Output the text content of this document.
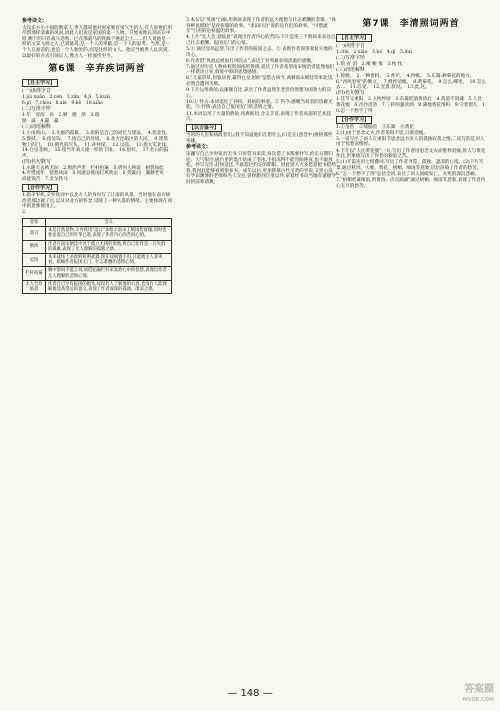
参考译文:
大汉东方小小国防数家人,世人都说他对国家要有勇气生的人,有人说他们用尽帮那样清素的风雨,因此人们说是家国的第一人物。开始说他长剑杀在中原,剩下的只有战马悲鸣。已在那战马的铁蹄下挽起尘土……但人说他是一样的文采飞扬之人,已到最高,是一个人的奉献,是一个人的思考。当然,是一个人在面前的,也是一个人独处的,而是这样的文人。他应当被世人认识到,以最好的方式引领后人,像古人一样流传至今。
第6课　辛弃疾词两首
【自主学习】
(一)读准字音
1.jiù xuān　2.cén　3.zǎn　4.jì　5.kuài
6.pì　7.chóu　8.xiè　9.kē　10.xiǎo
(二)写准字形
1.年　浑浑　孙　2.够　僭　凿　3.瑞
勘　戚　4.赢　赢
(三)词语解释
1.小雨的山。　2.失群的孤雁。　3.指的是自己的回忆与想法。　4.指北伐。　5.擦拭。　6.指吴钩。　7.指自己的处境。　8.北方沦陷区的人民。　9.建筑物上的门。　10.朝代的尽头。　11.孙仲谋。　12.以前。　13.指大军北伐。　14.仓皇北顾。　15.指当年刘义隆一样的下场。　16.很好。　17.社日的鼓声。
(四)名句默写
1.水随天去秋无际　2.断鸿声里　栏杆拍遍　3.倩何人唤取　树犹如此　4.可惜流年　忧愁风雨　5.风流总被雨打风吹去　6.凭谁问　廉颇老矣　尚能饭否　7.金戈铁马
【合作学习】
1.指辛弃疾,辛弃疾词中以北方人的身份写了江南的风景。当时他在南方统治者那边做了官,以及对北方的怀念,反映了一种失落的情绪。主要体现在词中的意象使用上。
2.
意象	含义
落日	本是自然景物,辛弃疾用"落日"来暗示南宋王朝国势衰微;同时也象征着自己的年华已逝,表现了作者内心的苦闷心情。
断鸿	作者在南宋朝廷中处于孤立无援的境地,将自己比作是一只失群的孤雁,表现了无人理解的孤独之感。
吴钩	本来战场上杀敌的锐利武器,现在却闲置不用,只能被主人拿来看。暗喻作者报国无门、壮志难酬的悲愤心情。
栏杆拍遍	胸中郁闷不能言说,故借拍遍栏杆来发泄心中的忧愁,表现出作者无人理解的悲愤心情。
无人会登临意	作者自己空有报国的抱负,却没有人了解他的心意,也没有人能理解他登高望远的意义,表现了作者深深的孤独、凄凉之感。
3.本句以"英雄"自喻,用典故表现了作者的远大理想与壮志难酬的悲愤。"休说鲈鱼堪脍"是说张翰的故事。"求田问舍"说的是许汜的故事。"可惜流年"引用的是桓温的故事。
4.上片"无人会,登临意"表现出作者内心的苦闷;下片是用三个典故来表达自己壮志难酬、报国无门的心情。
5.① 通过登高远望,写出了作者的报国之志。② 表现作者渴望收复失地的决心。
6.作者借"风流总被雨打风吹去",表达了对英雄业绩消逝的感慨。
7.通过对历史人物孙权和刘裕的赞颂,表达了作者希望南宋统治者能像他们一样建功立业,收复中原的思想感情。
8."元嘉草草,封狼居胥,赢得仓皇北顾"是借古讽今,讽刺南宋朝廷草率北伐,必然会遭到失败。
9.下片运用典故,以廉颇自比,表达了作者虽然年老但仍然想为国效力的决心。
10.① 怀古:本词追忆了孙权、刘裕的事迹。② 伤今:感慨当权者的昏庸无能。③ 抒情:表达自己报国无门的悲愤之情。
11.本词运用了大量的典故,用典贴切,含义丰富,表现了作者高超的艺术技巧。
【以古鉴今】
当时的大臣和执政者们,(我不知道他们在想什么)只是在(意念中)排挤那些英雄。
参考译文:
宋濂写自己少时家贫无书,只好借书来读,每次借了书都要抄写,约定日期归还。天气很冷,砚台里的墨汁结成了坚冰,手指冻得不能弯曲伸直,也不敢放松。抄写完毕,赶快送还,不敢超过约定的期限。因此别人大多愿意把书借给我,我因此能够看到很多书。成年以后,更加仰慕古代圣贤的学说,又担心没有学识渊博的老师和名人交往,曾经跑到百里以外,拿着经书向当地有道德学问的前辈请教。
第7课　李清照词两首
【自主学习】
(一)读准字音
1.chú　2.xiāo　3.bó　4.qī　5.duì
(二)写准字形
1.销 宵 消　2.褪 蜕 推　3.枕 忱
(三)词语解释
1.傍晚。　2.一种香料。　3.香炉。　4.纱帐。　5.东篱:种菊花的地方。　6."西风卷帘"的倒文。　7.憔悴消瘦。　8.黄菊花。　9.怎么,哪里。　10.怎么去…　11.忍受。　12.光景,状况。　13.此,这。
(四)名句默写
1.佳节又重阳　2.玉枕纱厨　3.东篱把酒黄昏后　4.莫道不消魂　5.人比黄花瘦　6.冷冷清清　7.三杯两盏淡酒　8.满地黄花堆积　9.守着窗儿　10.怎一个愁字了得
【合作学习】
1.①金兽　②瑞脑兽　③东篱　④黄花
2.(1)由于思念丈夫,作者茶饭不思,日渐消瘦。
3.一说写出了词人在重阳节思念远方亲人的孤独寂寞之情;二说写的是词人由于忧愁而憔悴。
4.下片以"人比黄花瘦"一句,写出了作者因思念丈夫而憔悴消瘦,将人与黄花作比,形象地写出了作者的相思之苦。
5.(1)开篇连用七组叠词,写出了作者寻觅、孤独、凄凉的心境。(2)下片写景,通过秋风、大雁、黄花、梧桐、细雨等意象,层层渲染了作者的愁苦。
6."怎一个愁字了得"总括全词,表达了词人国破家亡、夫死的深沉悲痛。
7."梧桐更兼细雨,到黄昏、点点滴滴"通过梧桐、细雨等意象,表现了作者内心无尽的愁苦。
— 148 —	答案圈
MXQE.COM
